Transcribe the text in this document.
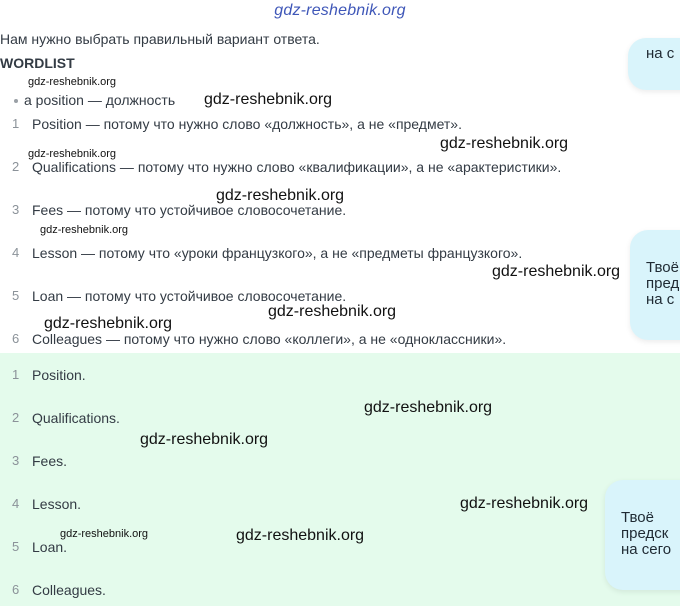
gdz-reshebnik.org
Нам нужно выбрать правильный вариант ответа.
WORDLIST
a position — должность
1 Position — потому что нужно слово «должность», а не «предмет».
2 Qualifications — потому что нужно слово «квалификации», а не «арактеристики».
3 Fees — потому что устойчивое словосочетание.
4 Lesson — потому что «уроки французкого», а не «предметы французкого».
5 Loan — потому что устойчивое словосочетание.
6 Colleagues — потому что нужно слово «коллеги», а не «одноклассники».
1 Position.
2 Qualifications.
3 Fees.
4 Lesson.
5 Loan.
6 Colleagues.
на с
Твоё
пред
на с
Твоё
предск
на сего
gdz-reshebnik.org
gdz-reshebnik.org
gdz-reshebnik.org
gdz-reshebnik.org
gdz-reshebnik.org
gdz-reshebnik.org
gdz-reshebnik.org
gdz-reshebnik.org
gdz-reshebnik.org
gdz-reshebnik.org
gdz-reshebnik.org
gdz-reshebnik.org
gdz-reshebnik.org	gdz-reshebnik.org
